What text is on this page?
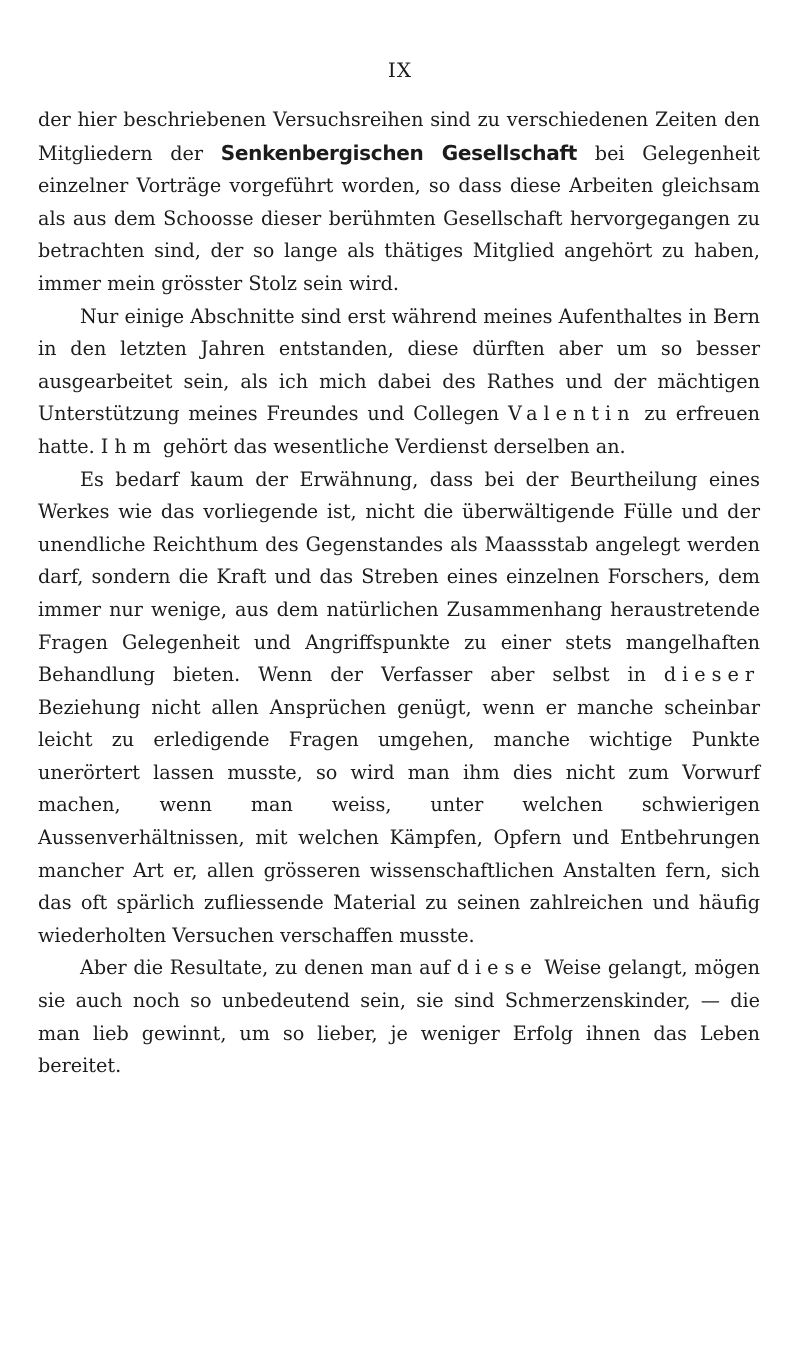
IX

der hier beschriebenen Versuchsreihen sind zu verschiedenen Zeiten den Mitgliedern der Senkenbergischen Gesellschaft bei Gelegenheit einzelner Vorträge vorgeführt worden, so dass diese Arbeiten gleichsam als aus dem Schoosse dieser berühmten Gesellschaft hervorgegangen zu betrachten sind, der so lange als thätiges Mitglied angehört zu haben, immer mein grösster Stolz sein wird.

Nur einige Abschnitte sind erst während meines Aufenthaltes in Bern in den letzten Jahren entstanden, diese dürften aber um so besser ausgearbeitet sein, als ich mich dabei des Rathes und der mächtigen Unterstützung meines Freundes und Collegen Valentin zu erfreuen hatte. Ihm gehört das wesentliche Verdienst derselben an.

Es bedarf kaum der Erwähnung, dass bei der Beurtheilung eines Werkes wie das vorliegende ist, nicht die überwältigende Fülle und der unendliche Reichthum des Gegenstandes als Maassstab angelegt werden darf, sondern die Kraft und das Streben eines einzelnen Forschers, dem immer nur wenige, aus dem natürlichen Zusammenhang heraustretende Fragen Gelegenheit und Angriffspunkte zu einer stets mangelhaften Behandlung bieten. Wenn der Verfasser aber selbst in dieser Beziehung nicht allen Ansprüchen genügt, wenn er manche scheinbar leicht zu erledigende Fragen umgehen, manche wichtige Punkte unerörtert lassen musste, so wird man ihm dies nicht zum Vorwurf machen, wenn man weiss, unter welchen schwierigen Aussenverhältnissen, mit welchen Kämpfen, Opfern und Entbehrungen mancher Art er, allen grösseren wissenschaftlichen Anstalten fern, sich das oft spärlich zufliessende Material zu seinen zahlreichen und häufig wiederholten Versuchen verschaffen musste.

Aber die Resultate, zu denen man auf diese Weise gelangt, mögen sie auch noch so unbedeutend sein, sie sind Schmerzenskinder, — die man lieb gewinnt, um so lieber, je weniger Erfolg ihnen das Leben bereitet.
